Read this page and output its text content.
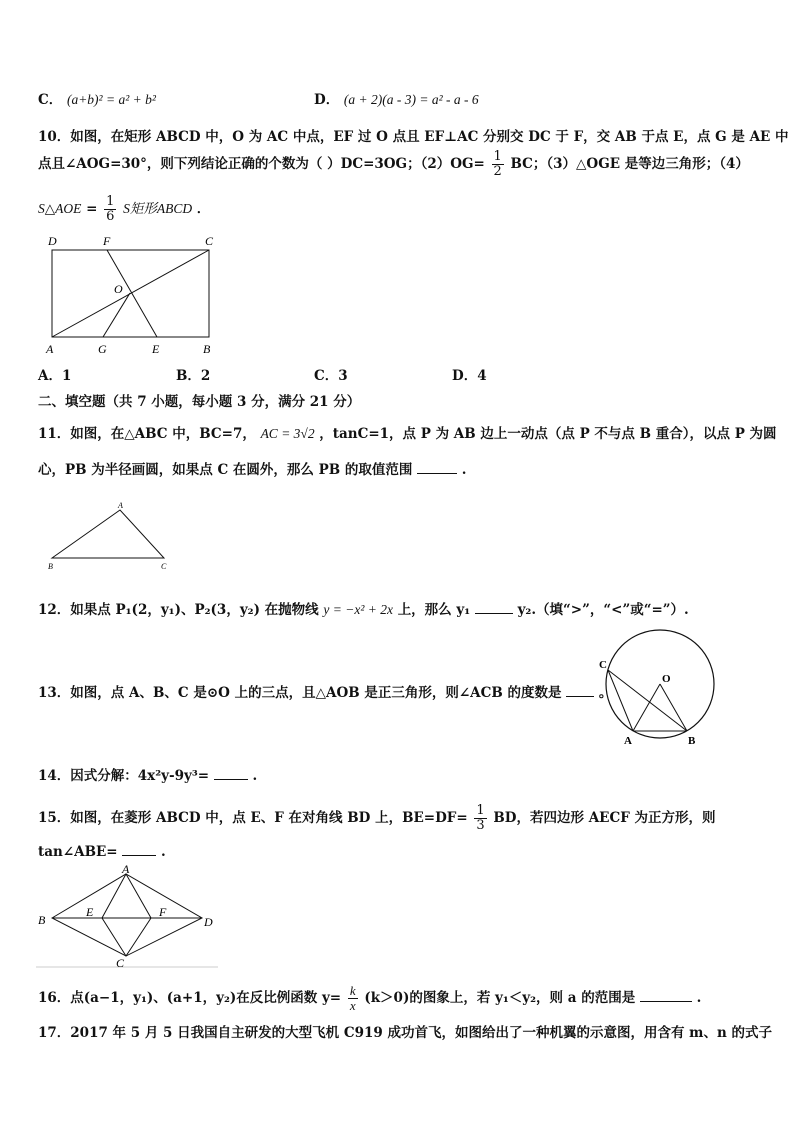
C． (a+b)² = a² + b²	D． (a + 2)(a - 3) = a² - a - 6
10．如图，在矩形 ABCD 中，O 为 AC 中点，EF 过 O 点且 EF⊥AC 分别交 DC 于 F，交 AB 于点 E，点 G 是 AE 中
点且∠AOG=30°，则下列结论正确的个数为（ ）DC=3OG；$(2)OG= \frac{1}{2}$ BC；（3）△OGE 是等边三角形；（4）
S△AOE = $\frac{1}{6}$ S矩形ABCD ．
D	F	C
O
A	G	E	B
A．1	B．2	C．3	D．4
二、填空题（共 7 小题，每小题 3 分，满分 21 分）
11．如图，在△ABC 中，BC=7， AC = 3√2 ，tanC=1，点 P 为 AB 边上一动点（点 P 不与点 B 重合），以点 P 为圆
心，PB 为半径画圆，如果点 C 在圆外，那么 PB 的取值范围	.
A
B	C
12．如果点 P₁(2，y₁)、P₂(3，y₂) 在抛物线 y = −x² + 2x 上，那么 y₁	y₂.（填“>”，“<”或“=”）.
13．如图，点 A、B、C 是⊙O 上的三点，且△AOB 是正三角形，则∠ACB 的度数是	。
C
O
A	B
14．因式分解：4x²y-9y³=	.
15．如图，在菱形 ABCD 中，点 E、F 在对角线 BD 上，$BE=DF= \frac{1}{3}$ BD，若四边形 AECF 为正方形，则
tan∠ABE=	.
A
B	D
E	F
C
16．点(a−1，y₁)、(a+1，y₂)在反比例函数 $y= \frac{k}{x} (k>0)$的图象上，若 y₁＜y₂，则 a 的范围是	.
17．2017 年 5 月 5 日我国自主研发的大型飞机 C919 成功首飞，如图给出了一种机翼的示意图，用含有 m、n 的式子
